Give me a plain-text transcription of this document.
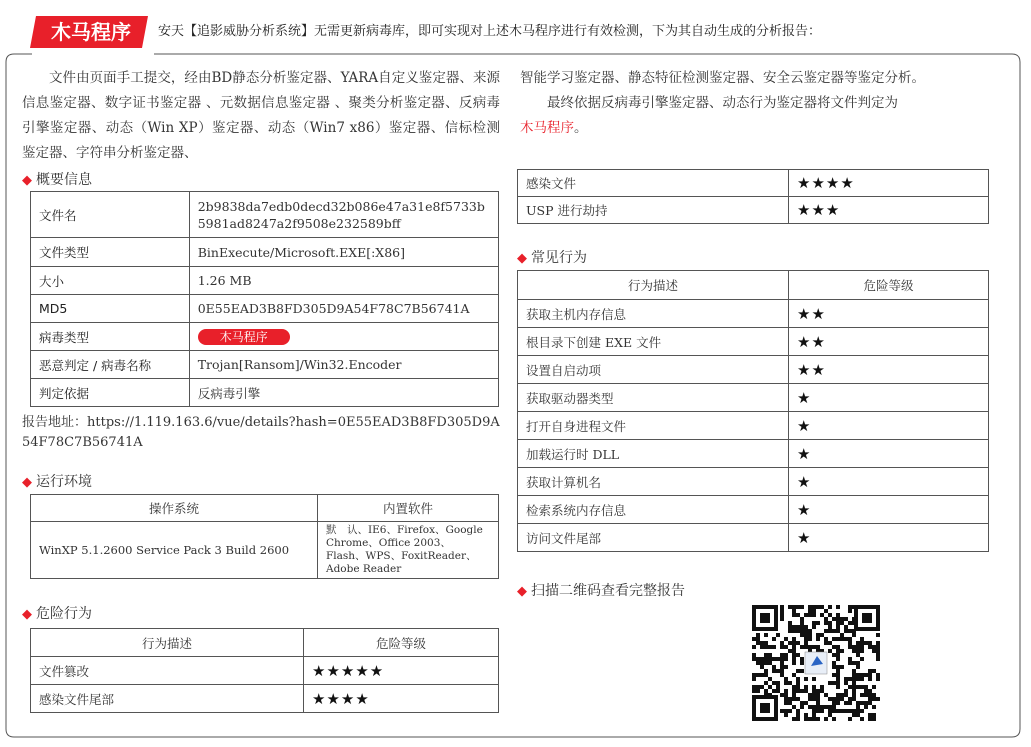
木马程序	安天【追影威胁分析系统】无需更新病毒库，即可实现对上述木马程序进行有效检测，下为其自动生成的分析报告：
文件由页面手工提交，经由BD静态分析鉴定器、YARA自定义鉴定器、来源信息鉴定器、数字证书鉴定器 、元数据信息鉴定器 、聚类分析鉴定器、反病毒引擎鉴定器、动态（Win XP）鉴定器、动态（Win7 x86）鉴定器、信标检测鉴定器、字符串分析鉴定器、
智能学习鉴定器、静态特征检测鉴定器、安全云鉴定器等鉴定分析。
最终依据反病毒引擎鉴定器、动态行为鉴定器将文件判定为
木马程序。
◆ 概要信息
文件名	2b9838da7edb0decd32b086e47a31e8f5733b5981ad8247a2f9508e232589bff
文件类型	BinExecute/Microsoft.EXE[:X86]
大小	1.26 MB
MD5	0E55EAD3B8FD305D9A54F78C7B56741A
病毒类型	木马程序
恶意判定 / 病毒名称	Trojan[Ransom]/Win32.Encoder
判定依据	反病毒引擎
报告地址：https://1.119.163.6/vue/details?hash=0E55EAD3B8FD305D9A54F78C7B56741A
◆ 运行环境
操作系统	内置软件
WinXP 5.1.2600 Service Pack 3 Build 2600	默　认、IE6、Firefox、Google Chrome、Office 2003、Flash、WPS、FoxitReader、Adobe Reader
◆ 危险行为
行为描述	危险等级
文件篡改	★★★★★
感染文件尾部	★★★★
感染文件	★★★★
USP 进行劫持	★★★
◆ 常见行为
行为描述	危险等级
获取主机内存信息	★★
根目录下创建 EXE 文件	★★
设置自启动项	★★
获取驱动器类型	★
打开自身进程文件	★
加载运行时 DLL	★
获取计算机名	★
检索系统内存信息	★
访问文件尾部	★
◆ 扫描二维码查看完整报告
